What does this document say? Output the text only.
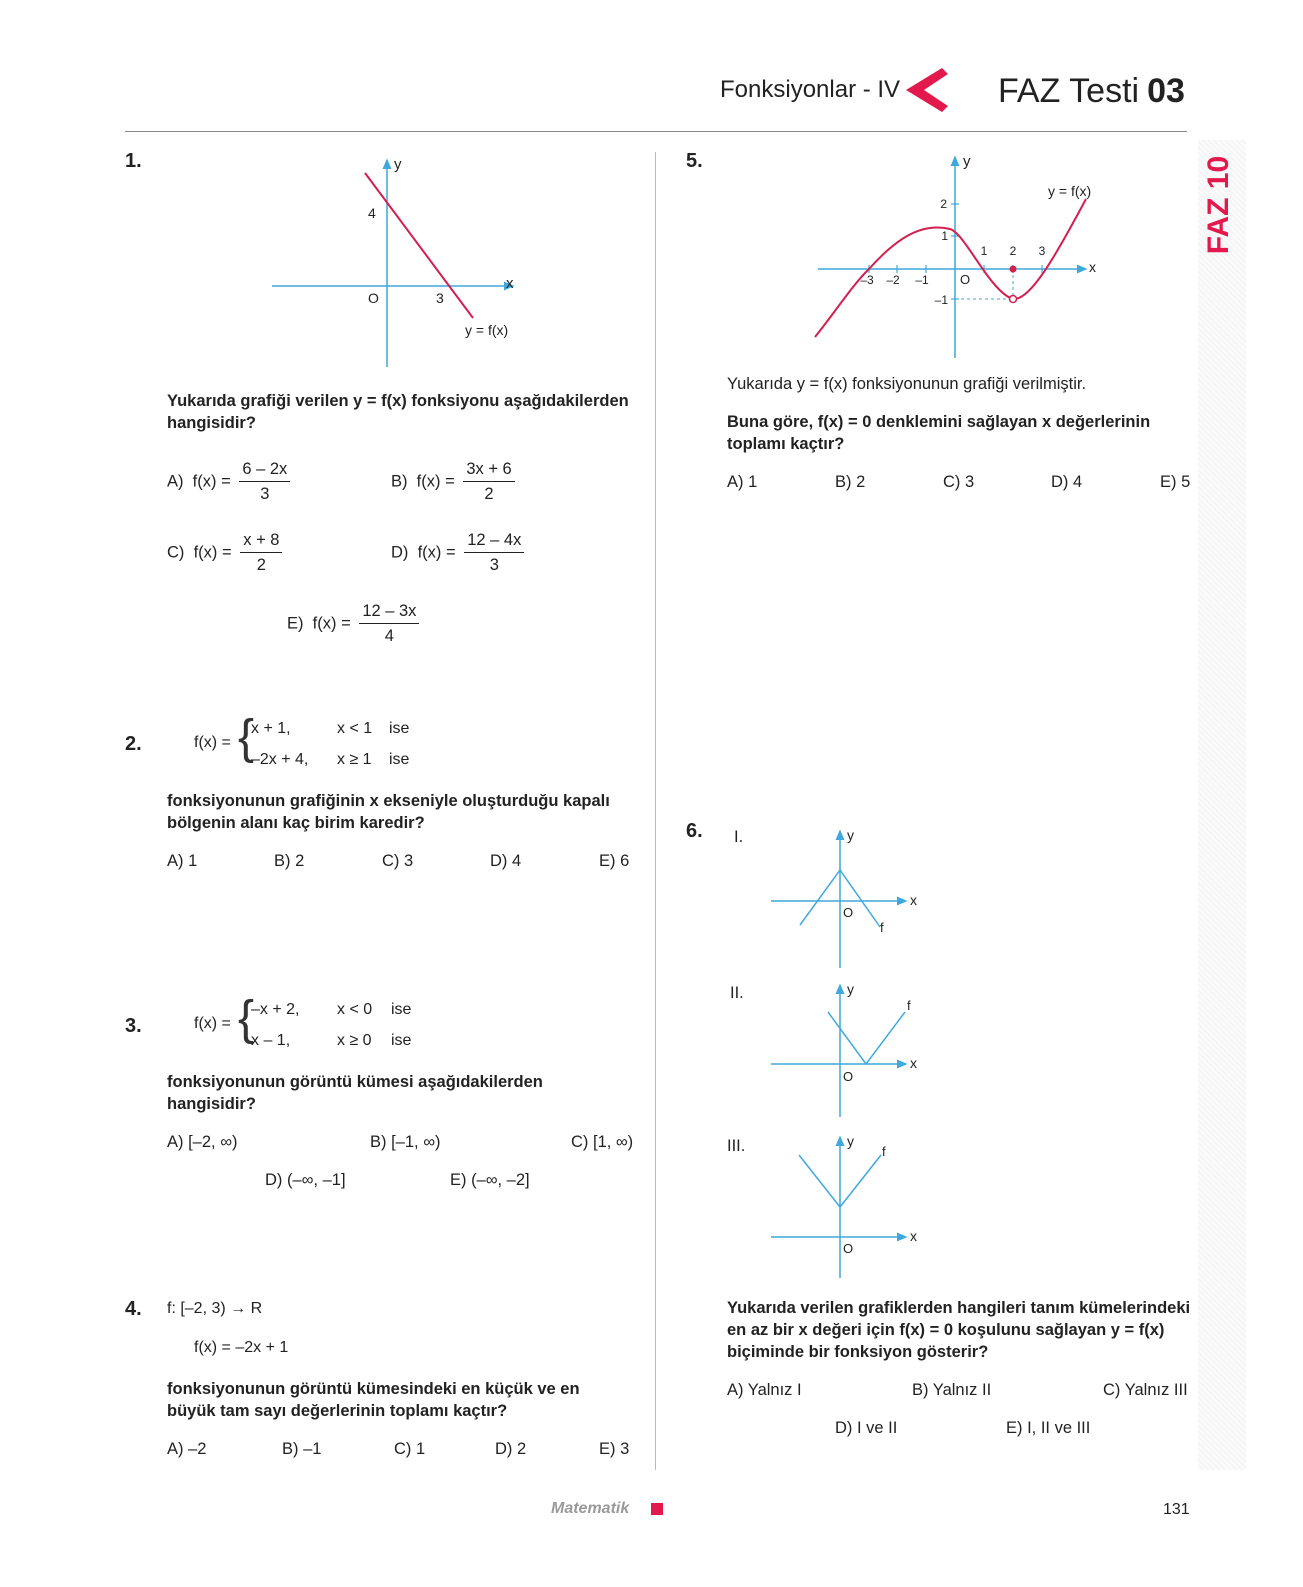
Fonksiyonlar - IV	FAZ Testi 03
FAZ 10
1.	y
x
O
4
3
y = f(x)
Yukarıda grafiği verilen y = f(x) fonksiyonu aşağıdakilerden hangisidir?
A) $f(x) = \frac{6 - 2x}{3}$	B) $f(x) = \frac{3x + 6}{2}$
C) $f(x) = \frac{x + 8}{2}$	D) $f(x) = \frac{12 - 4x}{3}$
E) $f(x) = \frac{12 - 3x}{4}$
2.	f(x) = {
x + 1,	x < 1 ise
–2x + 4, x ≥ 1 ise
fonksiyonunun grafiğinin x ekseniyle oluşturduğu kapalı bölgenin alanı kaç birim karedir?
A) 1	B) 2	C) 3	D) 4	E) 6
3.	f(x) = {
–x + 2, x < 0 ise
x – 1,	x ≥ 0 ise
fonksiyonunun görüntü kümesi aşağıdakilerden hangisidir?
A) [–2, ∞)	B) [–1, ∞)	C) [1, ∞)
D) (–∞, –1]	E) (–∞, –2]
4. f: [–2, 3) → R
f(x) = –2x + 1
fonksiyonunun görüntü kümesindeki en küçük ve en büyük tam sayı değerlerinin toplamı kaçtır?
A) –2	B) –1	C) 1	D) 2	E) 3
5.	y
x
O
y = f(x)
–3 –2 –1
1 2 3
2
1
–1
Yukarıda y = f(x) fonksiyonunun grafiği verilmiştir.
Buna göre, f(x) = 0 denklemini sağlayan x değerlerinin toplamı kaçtır?
A) 1	B) 2	C) 3	D) 4	E) 5
6. I.	y
x
O
f
II.	y
x
O
f
III.	y
x
O
f
Yukarıda verilen grafiklerden hangileri tanım kümelerindeki en az bir x değeri için f(x) = 0 koşulunu sağlayan y = f(x) biçiminde bir fonksiyon gösterir?
A) Yalnız I	B) Yalnız II	C) Yalnız III
D) I ve II	E) I, II ve III
Matematik	131
